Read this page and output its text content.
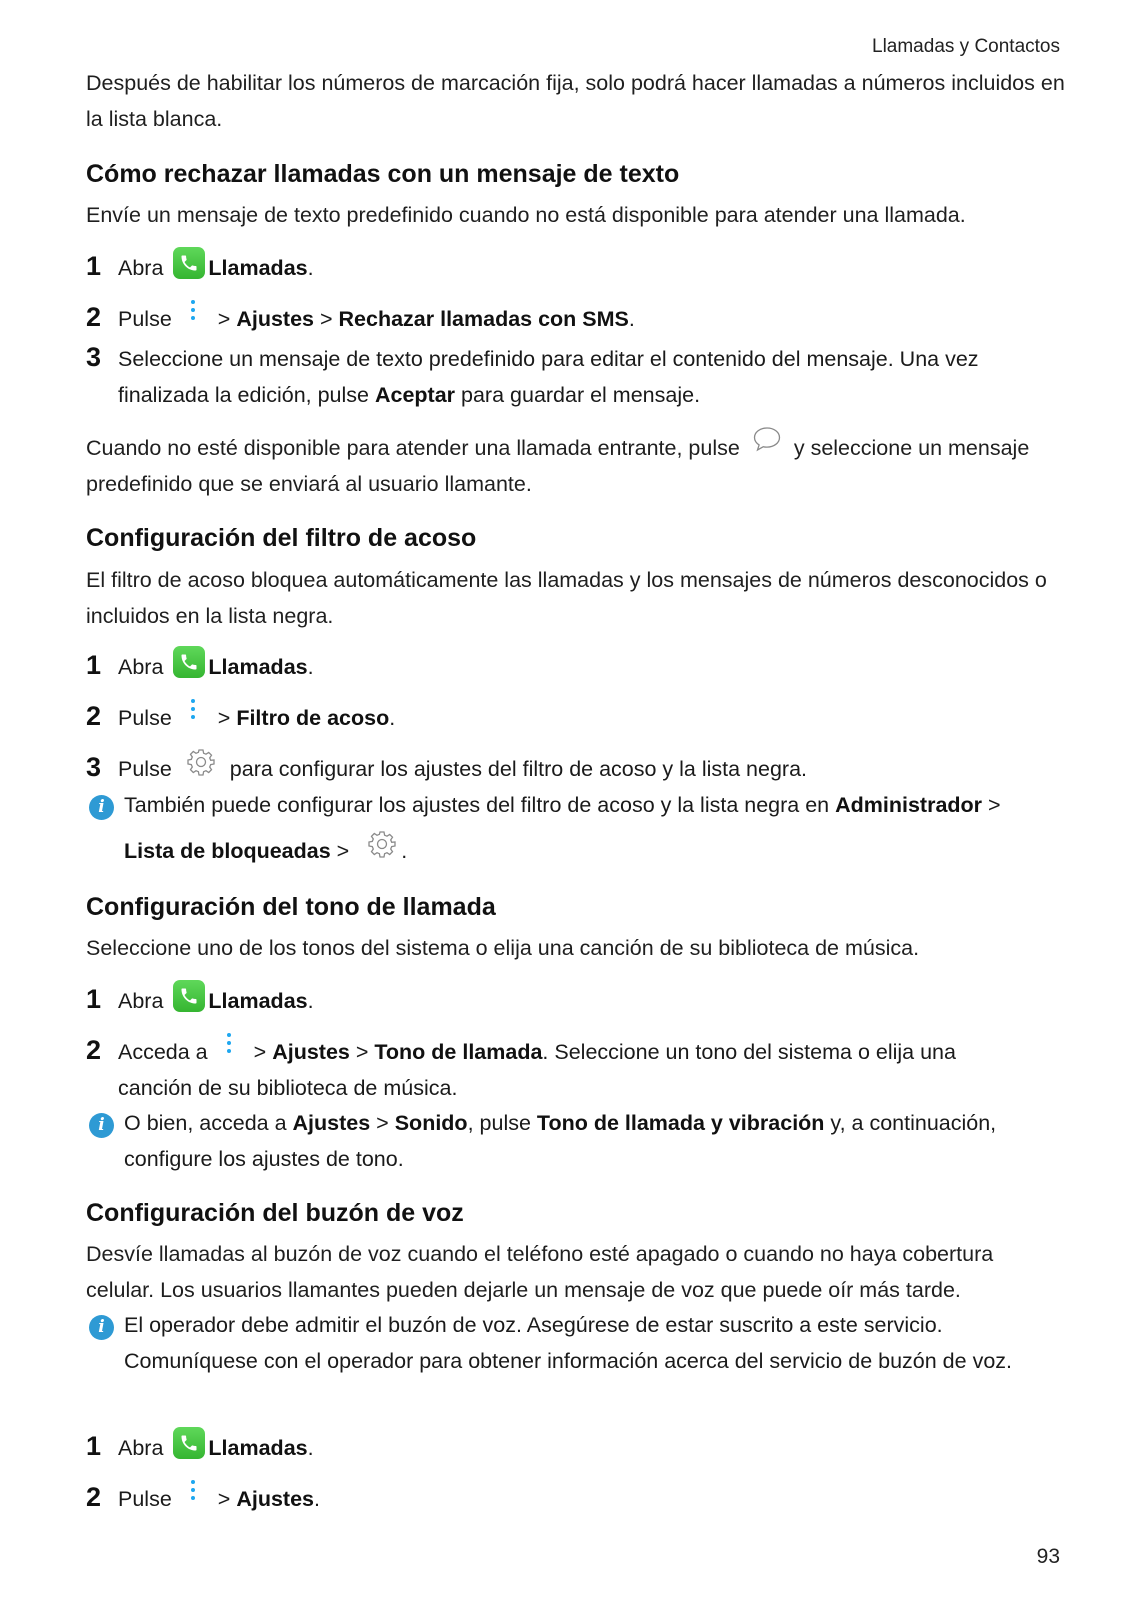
Llamadas y Contactos
93

Después de habilitar los números de marcación fija, solo podrá hacer llamadas a números incluidos en la lista blanca.

Cómo rechazar llamadas con un mensaje de texto

Envíe un mensaje de texto predefinido cuando no está disponible para atender una llamada.

1 Abra Llamadas.
2 Pulse > Ajustes > Rechazar llamadas con SMS.
3 Seleccione un mensaje de texto predefinido para editar el contenido del mensaje. Una vez finalizada la edición, pulse Aceptar para guardar el mensaje.

Cuando no esté disponible para atender una llamada entrante, pulse	y seleccione un mensaje predefinido que se enviará al usuario llamante.

Configuración del filtro de acoso

El filtro de acoso bloquea automáticamente las llamadas y los mensajes de números desconocidos o incluidos en la lista negra.

1 Abra Llamadas.
2 Pulse > Filtro de acoso.
3 Pulse	para configurar los ajustes del filtro de acoso y la lista negra.
i También puede configurar los ajustes del filtro de acoso y la lista negra en Administrador >
Lista de bloqueadas > .
Configuración del tono de llamada

Seleccione uno de los tonos del sistema o elija una canción de su biblioteca de música.

1 Abra Llamadas.
2 Acceda a > Ajustes > Tono de llamada. Seleccione un tono del sistema o elija una
canción de su biblioteca de música.
i O bien, acceda a Ajustes > Sonido, pulse Tono de llamada y vibración y, a continuación, configure los ajustes de tono.
Configuración del buzón de voz

Desvíe llamadas al buzón de voz cuando el teléfono esté apagado o cuando no haya cobertura celular. Los usuarios llamantes pueden dejarle un mensaje de voz que puede oír más tarde.

i El operador debe admitir el buzón de voz. Asegúrese de estar suscrito a este servicio. Comuníquese con el operador para obtener información acerca del servicio de buzón de voz.
1 Abra Llamadas.
2 Pulse > Ajustes.
